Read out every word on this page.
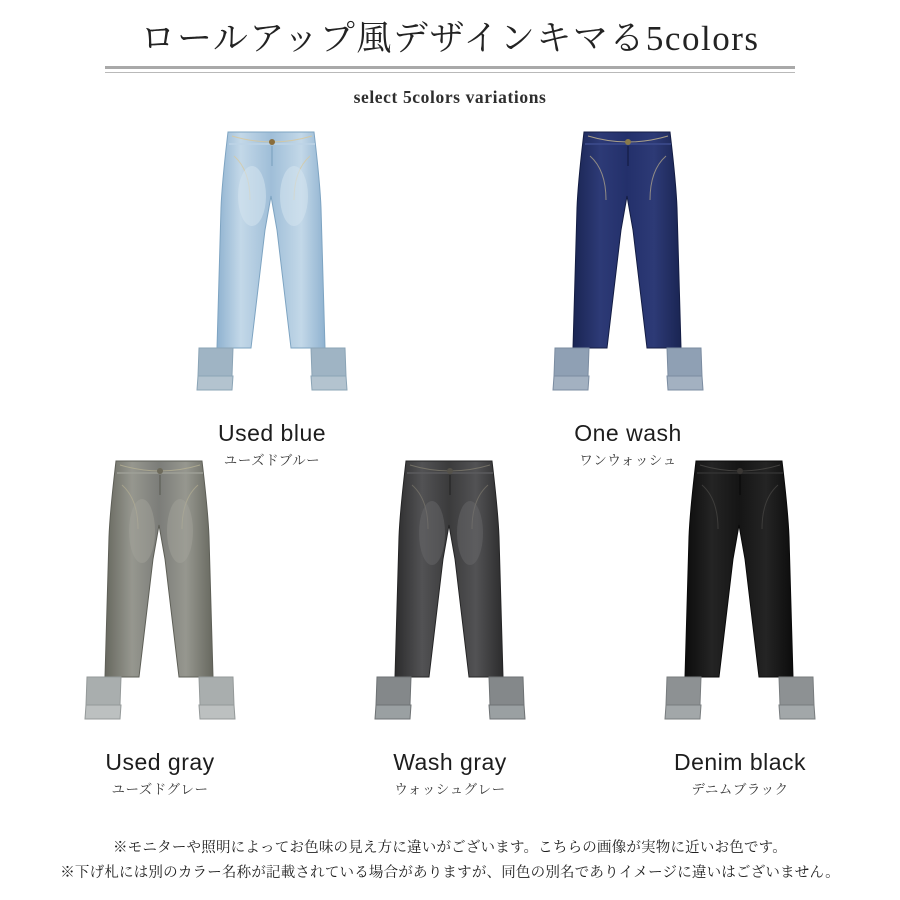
ロールアップ風デザインキマる5colors
select 5colors variations
Used blue
ユーズドブルー
One wash
ワンウォッシュ
Used gray
ユーズドグレー
Wash gray
ウォッシュグレー
Denim black
デニムブラック
※モニターや照明によってお色味の見え方に違いがございます。こちらの画像が実物に近いお色です。
※下げ札には別のカラー名称が記載されている場合がありますが、同色の別名でありイメージに違いはございません。
